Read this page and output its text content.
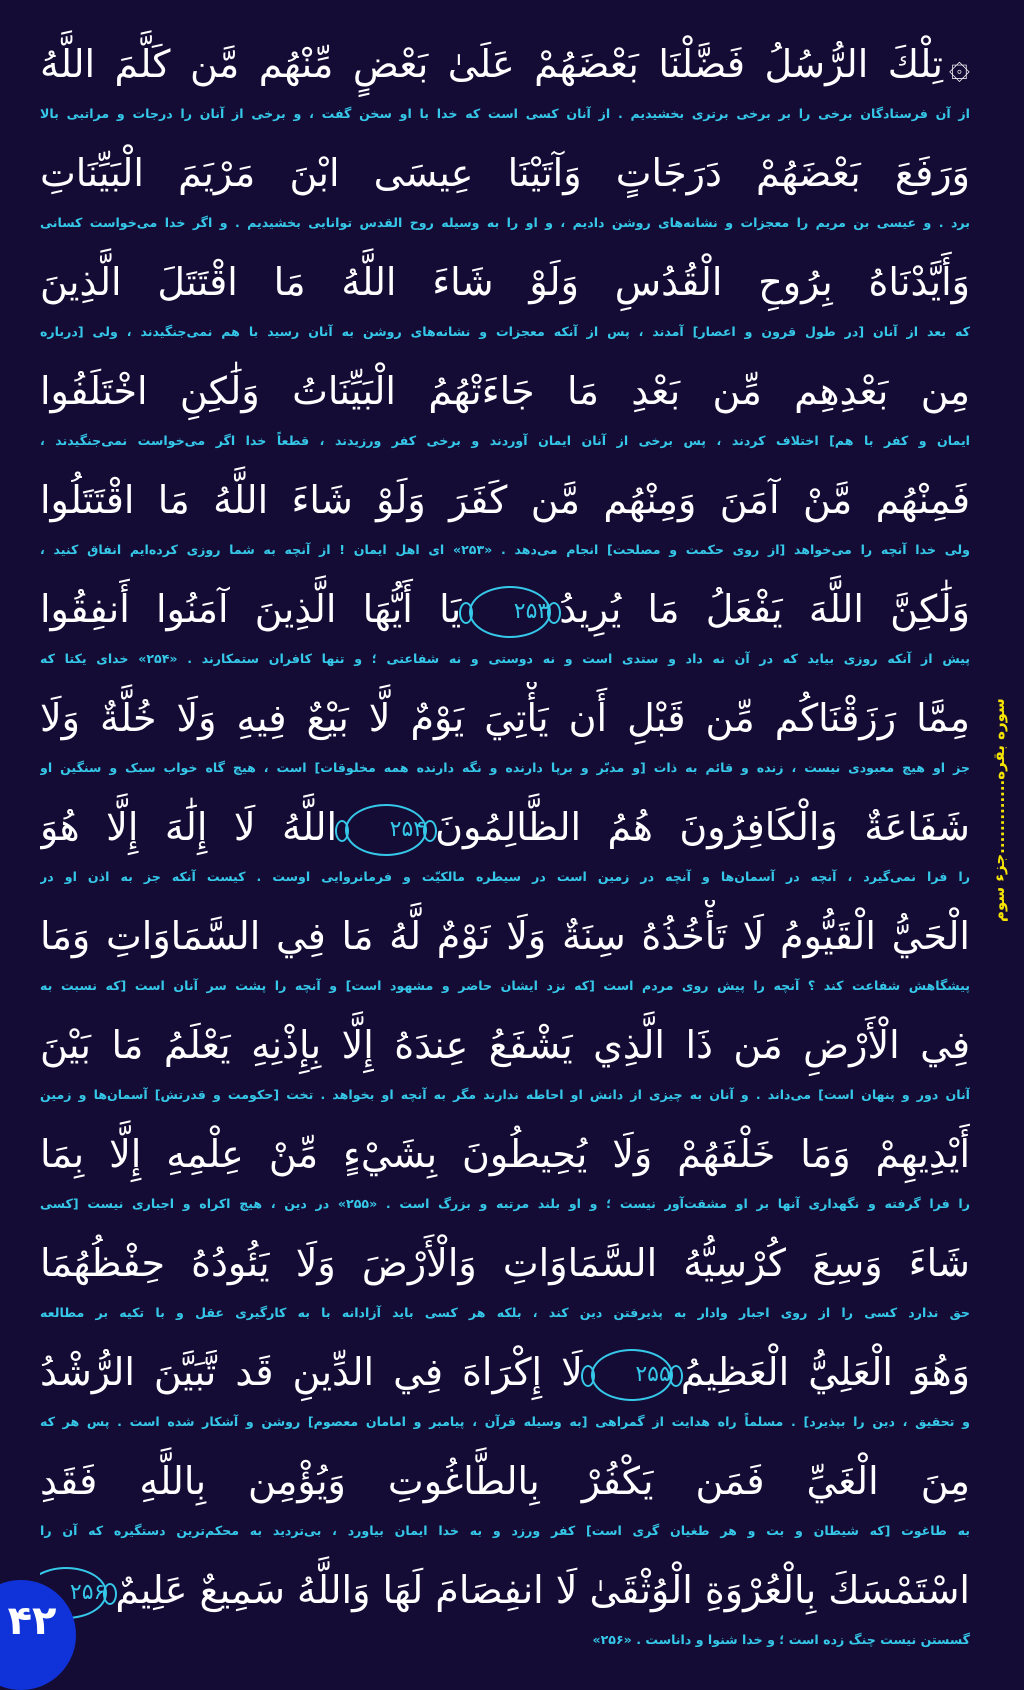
۞تِلْكَ الرُّسُلُ فَضَّلْنَا بَعْضَهُمْ عَلَىٰ بَعْضٍ مِّنْهُم مَّن كَلَّمَ اللَّهُ
از آن فرستادگان برخی را بر برخی برتری بخشیدیم . از آنان کسی است که خدا با او سخن گفت ، و برخی از آنان را درجات و مراتبی بالا
وَرَفَعَ بَعْضَهُمْ دَرَجَاتٍ وَآتَيْنَا عِيسَى ابْنَ مَرْيَمَ الْبَيِّنَاتِ
برد . و عیسی بن مریم را معجزات و نشانه‌های روشن دادیم ، و او را به وسیله روح القدس توانایی بخشیدیم . و اگر خدا می‌خواست کسانی
وَأَيَّدْنَاهُ بِرُوحِ الْقُدُسِ وَلَوْ شَاءَ اللَّهُ مَا اقْتَتَلَ الَّذِينَ
که بعد از آنان [در طول قرون و اعصار] آمدند ، پس از آنکه معجزات و نشانه‌های روشن به آنان رسید با هم نمی‌جنگیدند ، ولی [درباره
مِن بَعْدِهِم مِّن بَعْدِ مَا جَاءَتْهُمُ الْبَيِّنَاتُ وَلَٰكِنِ اخْتَلَفُوا
ایمان و کفر با هم] اختلاف کردند ، پس برخی از آنان ایمان آوردند و برخی کفر ورزیدند ، قطعاً خدا اگر می‌خواست نمی‌جنگیدند ،
فَمِنْهُم مَّنْ آمَنَ وَمِنْهُم مَّن كَفَرَ وَلَوْ شَاءَ اللَّهُ مَا اقْتَتَلُوا
ولی خدا آنچه را می‌خواهد [از روی حکمت و مصلحت] انجام می‌دهد . «۲۵۳» ای اهل ایمان ! از آنچه به شما روزی کرده‌ایم انفاق کنید ،
وَلَٰكِنَّ اللَّهَ يَفْعَلُ مَا يُرِيدُ۲۵۳يَا أَيُّهَا الَّذِينَ آمَنُوا أَنفِقُوا
پیش از آنکه روزی بیاید که در آن نه داد و ستدی است و نه دوستی و نه شفاعتی ؛ و تنها کافران ستمکارند . «۲۵۴» خدای یکتا که
مِمَّا رَزَقْنَاكُم مِّن قَبْلِ أَن يَأْتِيَ يَوْمٌ لَّا بَيْعٌ فِيهِ وَلَا خُلَّةٌ وَلَا
جز او هیچ معبودی نیست ، زنده و قائم به ذات [و مدبّر و برپا دارنده و نگه دارنده همه مخلوقات] است ، هیچ گاه خواب سبک و سنگین او
شَفَاعَةٌ وَالْكَافِرُونَ هُمُ الظَّالِمُونَ۲۵۴اللَّهُ لَا إِلَٰهَ إِلَّا هُوَ
را فرا نمی‌گیرد ، آنچه در آسمان‌ها و آنچه در زمین است در سیطره مالکیّت و فرمانروایی اوست . کیست آنکه جز به اذن او در
الْحَيُّ الْقَيُّومُ لَا تَأْخُذُهُ سِنَةٌ وَلَا نَوْمٌ لَّهُ مَا فِي السَّمَاوَاتِ وَمَا
پیشگاهش شفاعت کند ؟ آنچه را پیش روی مردم است [که نزد ایشان حاضر و مشهود است] و آنچه را پشت سر آنان است [که نسبت به
فِي الْأَرْضِ مَن ذَا الَّذِي يَشْفَعُ عِندَهُ إِلَّا بِإِذْنِهِ يَعْلَمُ مَا بَيْنَ
آنان دور و پنهان است] می‌داند . و آنان به چیزی از دانش او احاطه ندارند مگر به آنچه او بخواهد . تخت [حکومت و قدرتش] آسمان‌ها و زمین
أَيْدِيهِمْ وَمَا خَلْفَهُمْ وَلَا يُحِيطُونَ بِشَيْءٍ مِّنْ عِلْمِهِ إِلَّا بِمَا
را فرا گرفته و نگهداری آنها بر او مشقت‌آور نیست ؛ و او بلند مرتبه و بزرگ است . «۲۵۵» در دین ، هیچ اکراه و اجباری نیست [کسی
شَاءَ وَسِعَ كُرْسِيُّهُ السَّمَاوَاتِ وَالْأَرْضَ وَلَا يَئُودُهُ حِفْظُهُمَا
حق ندارد کسی را از روی اجبار وادار به پذیرفتن دین کند ، بلکه هر کسی باید آزادانه با به کارگیری عقل و با تکیه بر مطالعه
وَهُوَ الْعَلِيُّ الْعَظِيمُ۲۵۵لَا إِكْرَاهَ فِي الدِّينِ قَد تَّبَيَّنَ الرُّشْدُ
و تحقیق ، دین را بپذیرد] . مسلماً راه هدایت از گمراهی [به وسیله قرآن ، پیامبر و امامان معصوم] روشن و آشکار شده است . پس هر که
مِنَ الْغَيِّ فَمَن يَكْفُرْ بِالطَّاغُوتِ وَيُؤْمِن بِاللَّهِ فَقَدِ
به طاغوت [که شیطان و بت و هر طغیان گری است] کفر ورزد و به خدا ایمان بیاورد ، بی‌تردید به محکم‌ترین دستگیره که آن را
اسْتَمْسَكَ بِالْعُرْوَةِ الْوُثْقَىٰ لَا انفِصَامَ لَهَا وَاللَّهُ سَمِيعٌ عَلِيمٌ۲۵۶
گسستن نیست چنگ زده است ؛ و خدا شنوا و داناست . «۲۵۶»
سوره بقره.............جزء سوم
۴۲
